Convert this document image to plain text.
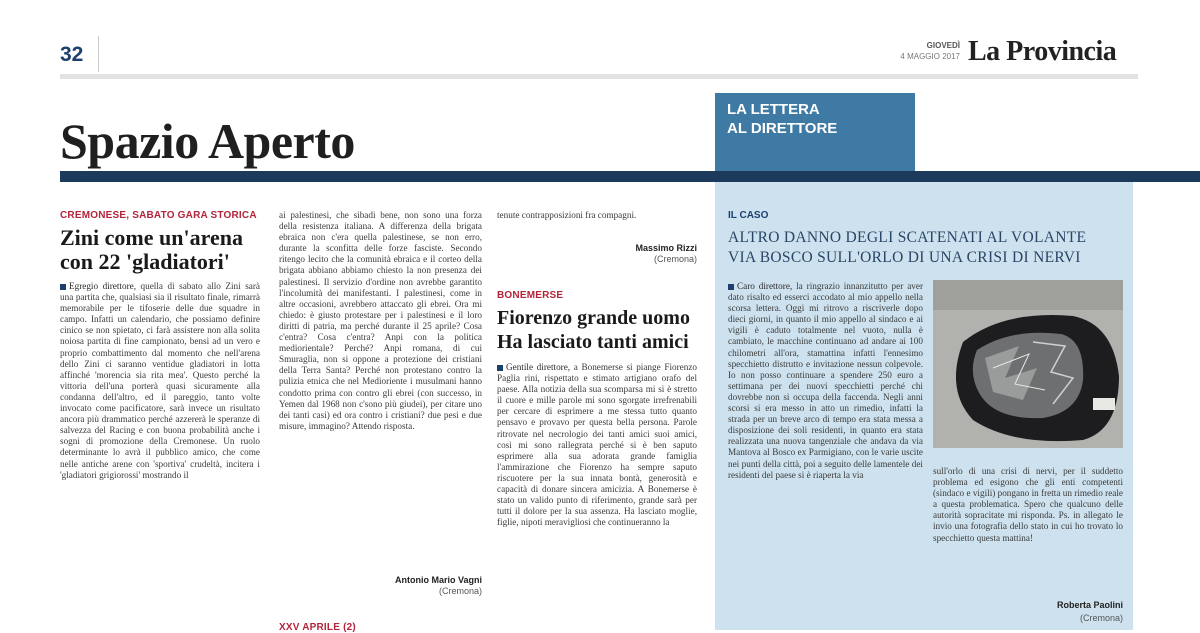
32	GIOVEDÌ
4 MAGGIO 2017 La Provincia
Spazio Aperto
LA LETTERA
AL DIRETTORE
CREMONESE, SABATO GARA STORICA
Zini come un'arena
con 22 'gladiatori'
Egregio direttore, quella di sabato allo Zini sarà una partita che, qualsiasi sia il risultato finale, rimarrà memorabile per le tifoserie delle due squadre in campo. Infatti un calendario, che possiamo definire cinico se non spietato, ci farà assistere non alla solita noiosa partita di fine campionato, bensì ad un vero e proprio combattimento dal momento che nell'arena dello Zini ci saranno ventidue gladiatori in lotta affinché 'morencia sia rita mea'. Questo perché la vittoria dell'una porterà quasi sicuramente alla condanna dell'altro, ed il pareggio, tanto volte invocato come pacificatore, sarà invece un risultato ancora più drammatico perché azzererà le speranze di salvezza del Racing e con buona probabilità anche i sogni di promozione della Cremonese. Un ruolo determinante lo avrà il pubblico amico, che come nelle antiche arene con 'sportiva' crudeltà, incitera i 'gladiatori grigiorossi' mostrando il
ai palestinesi, che sibadi bene, non sono una forza della resistenza italiana. A differenza della brigata ebraica non c'era quella palestinese, se non erro, durante la sconfitta delle forze fasciste. Secondo ritengo lecito che la comunità ebraica e il corteo della brigata abbiano abbiamo chiesto la non presenza dei palestinesi. Il servizio d'ordine non avrebbe garantito l'incolumità dei manifestanti. I palestinesi, come in altre occasioni, avrebbero attaccato gli ebrei. Ora mi chiedo: è giusto protestare per i palestinesi e il loro diritti di patria, ma perché durante il 25 aprile? Cosa c'entra? Cosa c'entra? Anpi con la politica mediorientale? Perché? Anpi romana, di cui Smuraglia, non si oppone a protezione dei cristiani della Terra Santa? Perché non protestano contro la pulizia etnica che nel Medioriente i musulmani hanno condotto prima con contro gli ebrei (con successo, in Yemen dal 1968 non c'sono più giudei), per citare uno dei tanti casi) ed ora contro i cristiani? due pesi e due misure, immagino? Attendo risposta.
Antonio Mario Vagni
(Cremona)
XXV APRILE (2)
tenute contrapposizioni fra compagni.
Massimo Rizzi
(Cremona)
BONEMERSE
Fiorenzo grande uomo
Ha lasciato tanti amici
Gentile direttore, a Bonemerse si piange Fiorenzo Paglia rini, rispettato e stimato artigiano orafo del paese. Alla notizia della sua scomparsa mi si è stretto il cuore e mille parole mi sono sgorgate irrefrenabili per cercare di esprimere a me stessa tutto quanto pensavo e provavo per questa bella persona. Parole ritrovate nel necrologio dei tanti amici suoi amici, così mi sono rallegrata perché si è ben saputo esprimere alla sua adorata grande famiglia l'ammirazione che Fiorenzo ha sempre saputo riscuotere per la sua innata bontà, generosità e capacità di donare sincera amicizia. A Bonemerse è stato un valido punto di riferimento, grande sarà per tutti il dolore per la sua assenza. Ha lasciato moglie, figlie, nipoti meravigliosi che continueranno la
IL CASO
ALTRO DANNO DEGLI SCATENATI AL VOLANTE
VIA BOSCO SULL'ORLO DI UNA CRISI DI NERVI
Caro direttore, la ringrazio innanzitutto per aver dato risalto ed esserci accodato al mio appello nella scorsa lettera. Oggi mi ritrovo a riscriverle dopo dieci giorni, in quanto il mio appello al sindaco e ai vigili è caduto totalmente nel vuoto, nulla è cambiato, le macchine continuano ad andare ai 100 chilometri all'ora, stamattina infatti l'ennesimo specchietto distrutto e invitazione nessun colpevole. Io non posso continuare a spendere 250 euro a settimana per dei nuovi specchietti perché chi dovrebbe non si occupa della faccenda. Negli anni scorsi si era messo in atto un rimedio, infatti la strada per un breve arco di tempo era stata messa a disposizione dei soli residenti, in quanto era stata realizzata una nuova tangenziale che andava da via Mantova al Bosco ex Parmigiano, con le varie uscite nei punti della città, poi a seguito delle lamentele dei residenti del paese si è riaperta la via	sull'orlo di una crisi di nervi, per il suddetto problema ed esigono che gli enti competenti (sindaco e vigili) pongano in fretta un rimedio reale a questa problematica. Spero che qualcuno delle autorità sopracitate mi risponda. Ps. in allegato le invio una fotografia dello stato in cui ho trovato lo specchietto questa mattina!
Roberta Paolini
(Cremona)
